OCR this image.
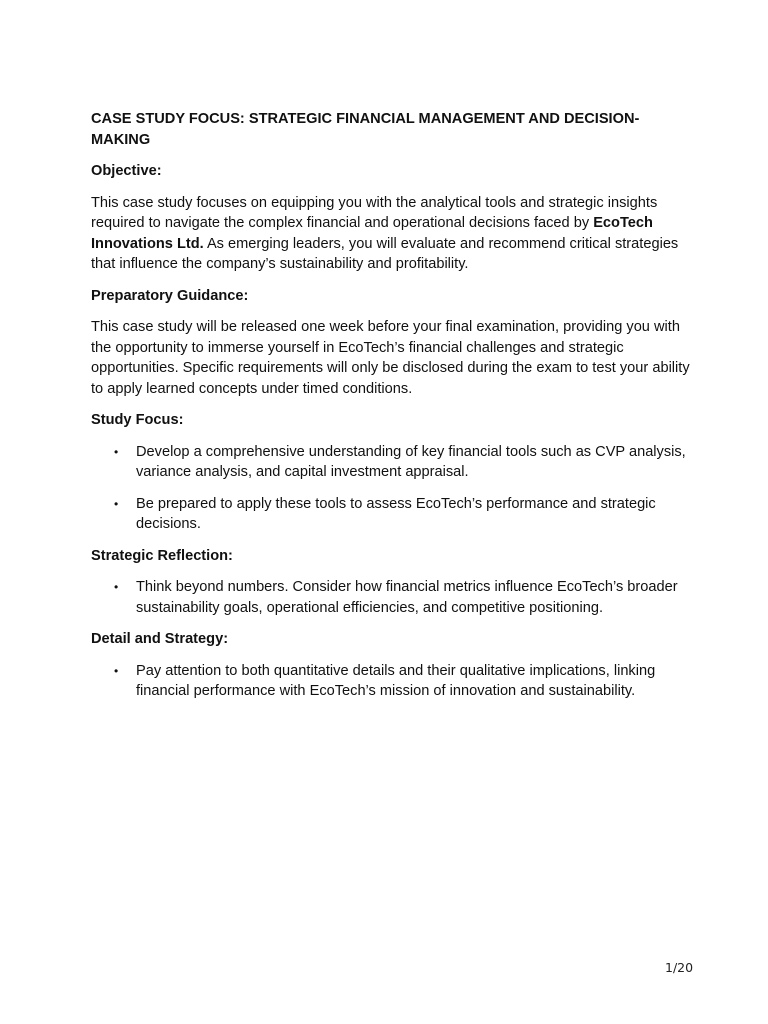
CASE STUDY FOCUS: STRATEGIC FINANCIAL MANAGEMENT AND DECISION-MAKING
Objective:
This case study focuses on equipping you with the analytical tools and strategic insights required to navigate the complex financial and operational decisions faced by EcoTech Innovations Ltd. As emerging leaders, you will evaluate and recommend critical strategies that influence the company’s sustainability and profitability.
Preparatory Guidance:
This case study will be released one week before your final examination, providing you with the opportunity to immerse yourself in EcoTech’s financial challenges and strategic opportunities. Specific requirements will only be disclosed during the exam to test your ability to apply learned concepts under timed conditions.
Study Focus:
• Develop a comprehensive understanding of key financial tools such as CVP analysis, variance analysis, and capital investment appraisal.
• Be prepared to apply these tools to assess EcoTech’s performance and strategic decisions.
Strategic Reflection:
• Think beyond numbers. Consider how financial metrics influence EcoTech’s broader sustainability goals, operational efficiencies, and competitive positioning.
Detail and Strategy:
• Pay attention to both quantitative details and their qualitative implications, linking financial performance with EcoTech’s mission of innovation and sustainability.
1/20
